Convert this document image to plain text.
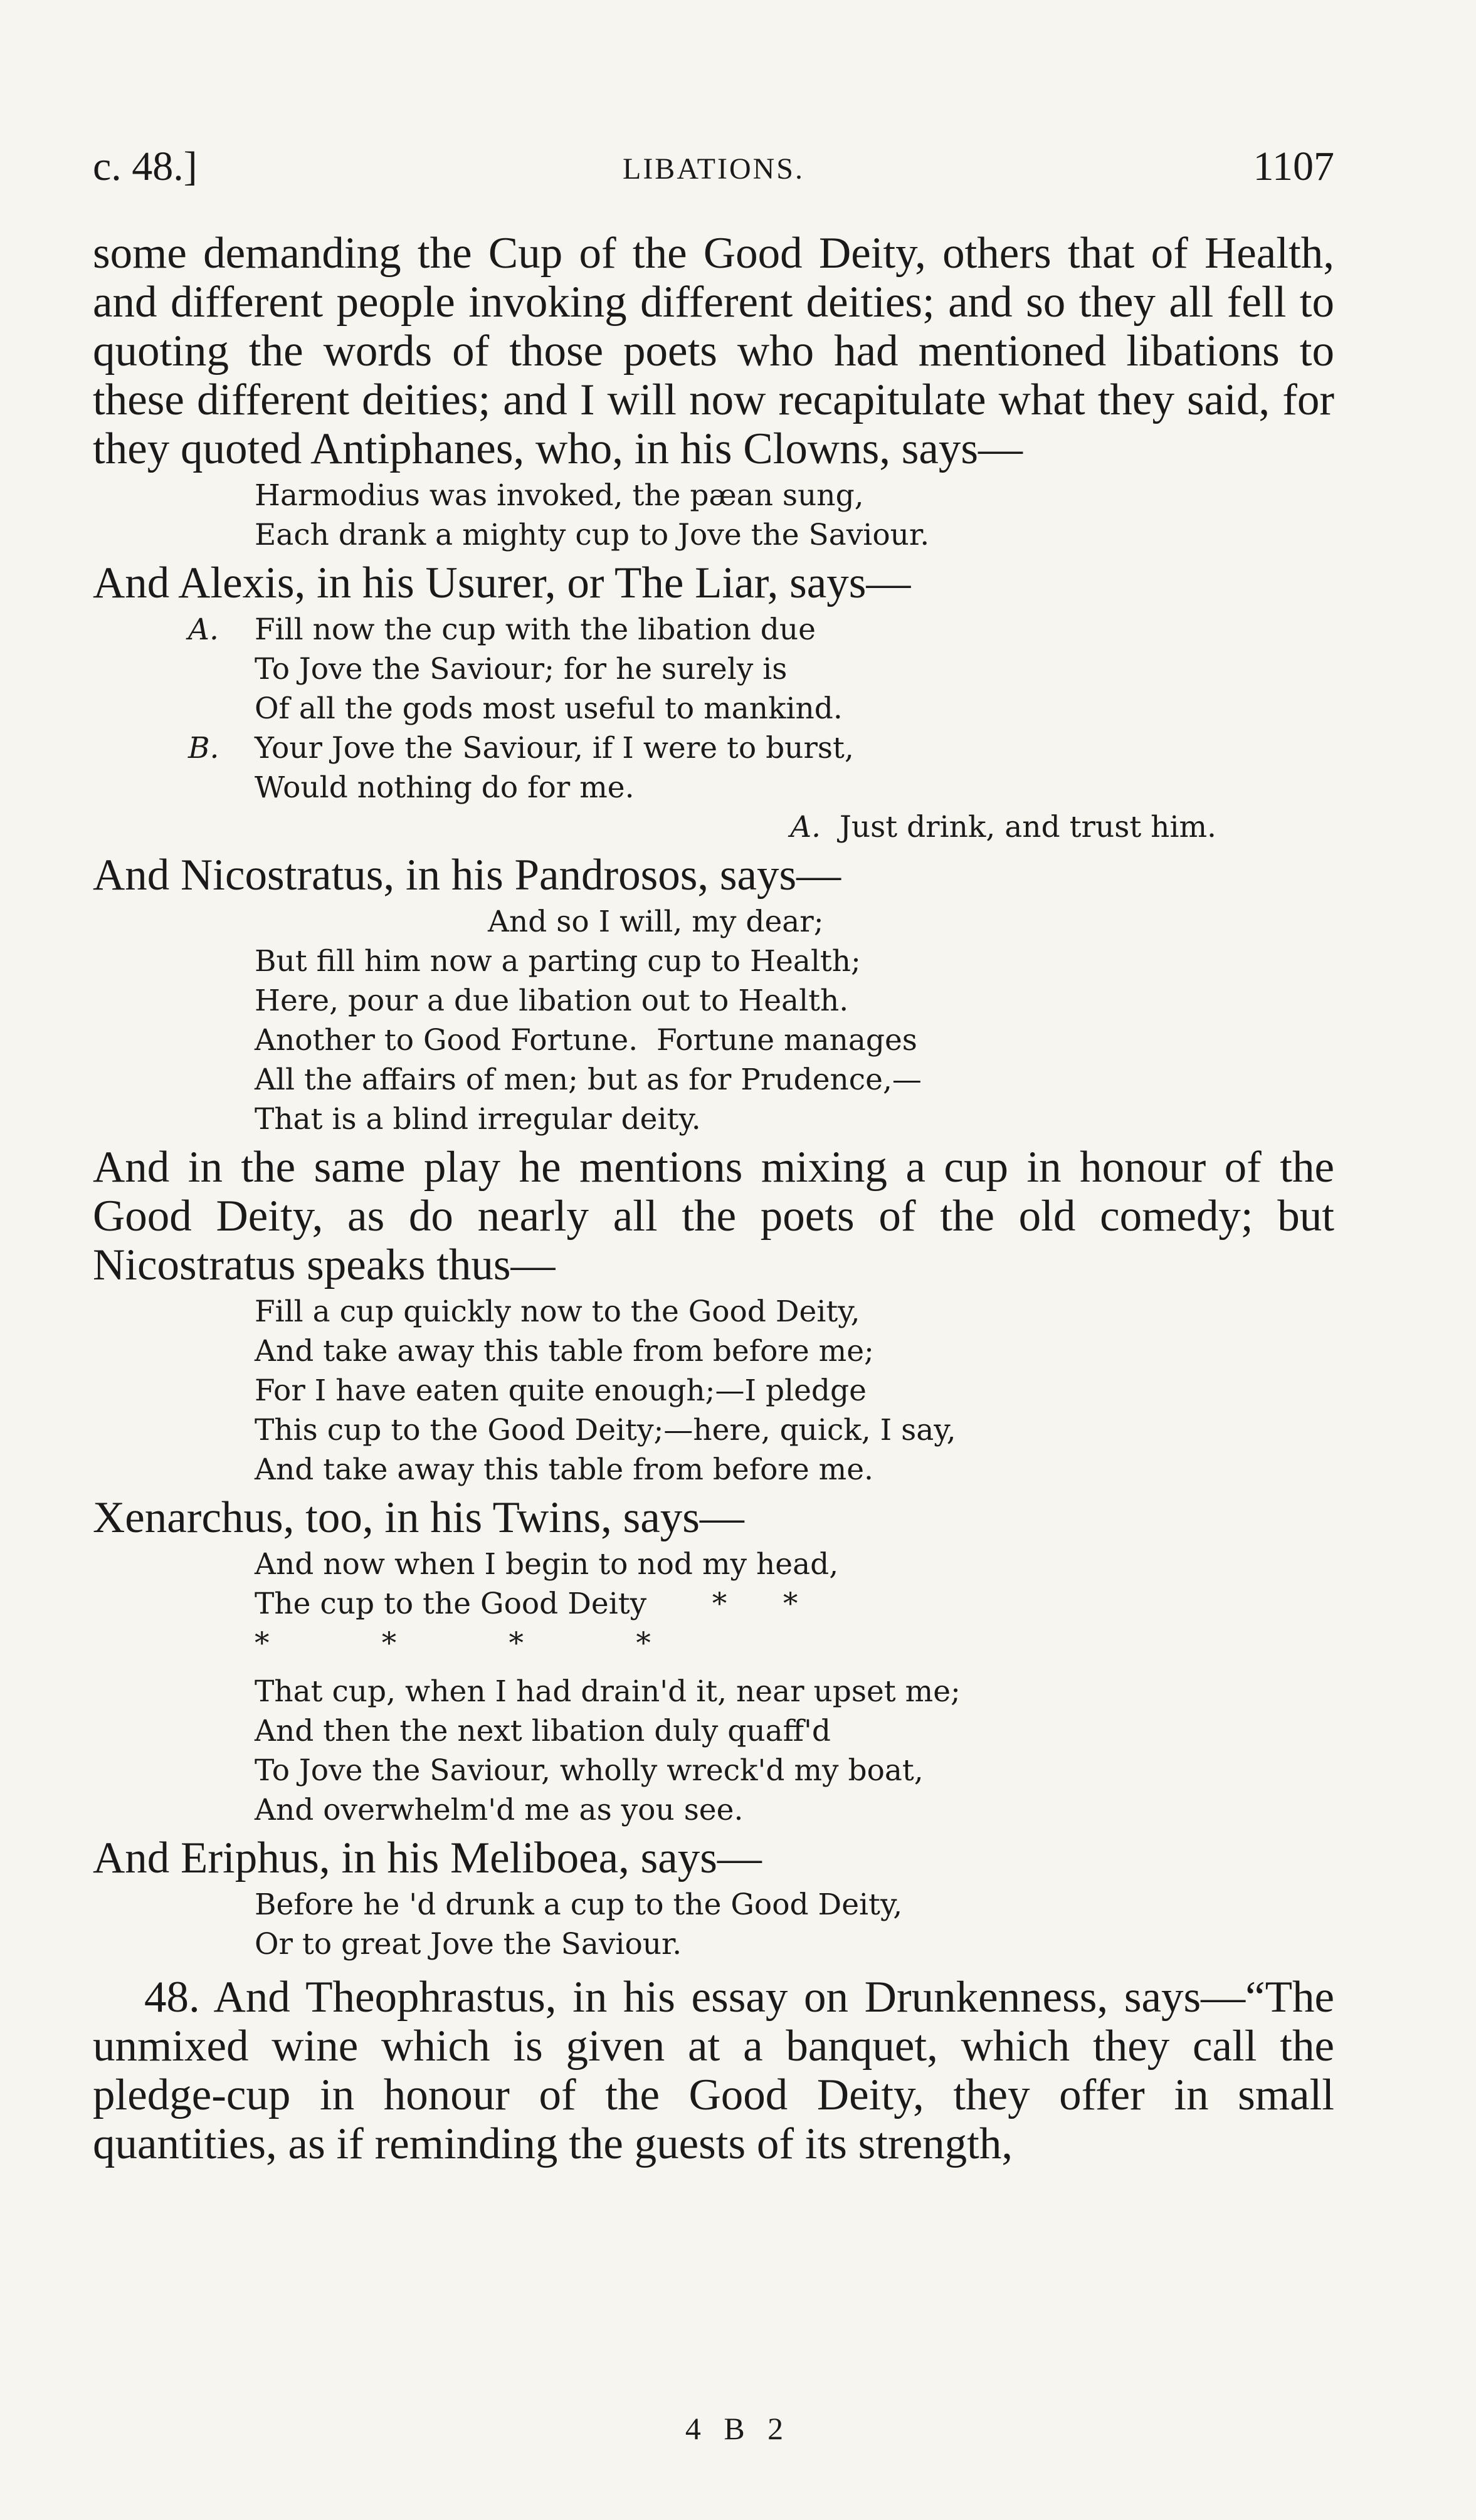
c. 48.]	LIBATIONS.	1107

some demanding the Cup of the Good Deity, others that of Health, and different people invoking different deities; and so they all fell to quoting the words of those poets who had mentioned libations to these different deities; and I will now recapitulate what they said, for they quoted Antiphanes, who, in his Clowns, says—

Harmodius was invoked, the pæan sung,
Each drank a mighty cup to Jove the Saviour.

And Alexis, in his Usurer, or The Liar, says—

A. Fill now the cup with the libation due
To Jove the Saviour; for he surely is
Of all the gods most useful to mankind.
B. Your Jove the Saviour, if I were to burst,
Would nothing do for me.
A. Just drink, and trust him.

And Nicostratus, in his Pandrosos, says—

And so I will, my dear;
But fill him now a parting cup to Health;
Here, pour a due libation out to Health.
Another to Good Fortune.  Fortune manages
All the affairs of men; but as for Prudence,—
That is a blind irregular deity.

And in the same play he mentions mixing a cup in honour of the Good Deity, as do nearly all the poets of the old comedy; but Nicostratus speaks thus—

Fill a cup quickly now to the Good Deity,
And take away this table from before me;
For I have eaten quite enough;—I pledge
This cup to the Good Deity;—here, quick, I say,
And take away this table from before me.

Xenarchus, too, in his Twins, says—

And now when I begin to nod my head,
The cup to the Good Deity *      *
*            *            *            *
That cup, when I had drain'd it, near upset me;
And then the next libation duly quaff'd
To Jove the Saviour, wholly wreck'd my boat,
And overwhelm'd me as you see.

And Eriphus, in his Meliboea, says—

Before he 'd drunk a cup to the Good Deity,
Or to great Jove the Saviour.

48. And Theophrastus, in his essay on Drunkenness, says—“The unmixed wine which is given at a banquet, which they call the pledge-cup in honour of the Good Deity, they offer in small quantities, as if reminding the guests of its strength,

4 B 2
